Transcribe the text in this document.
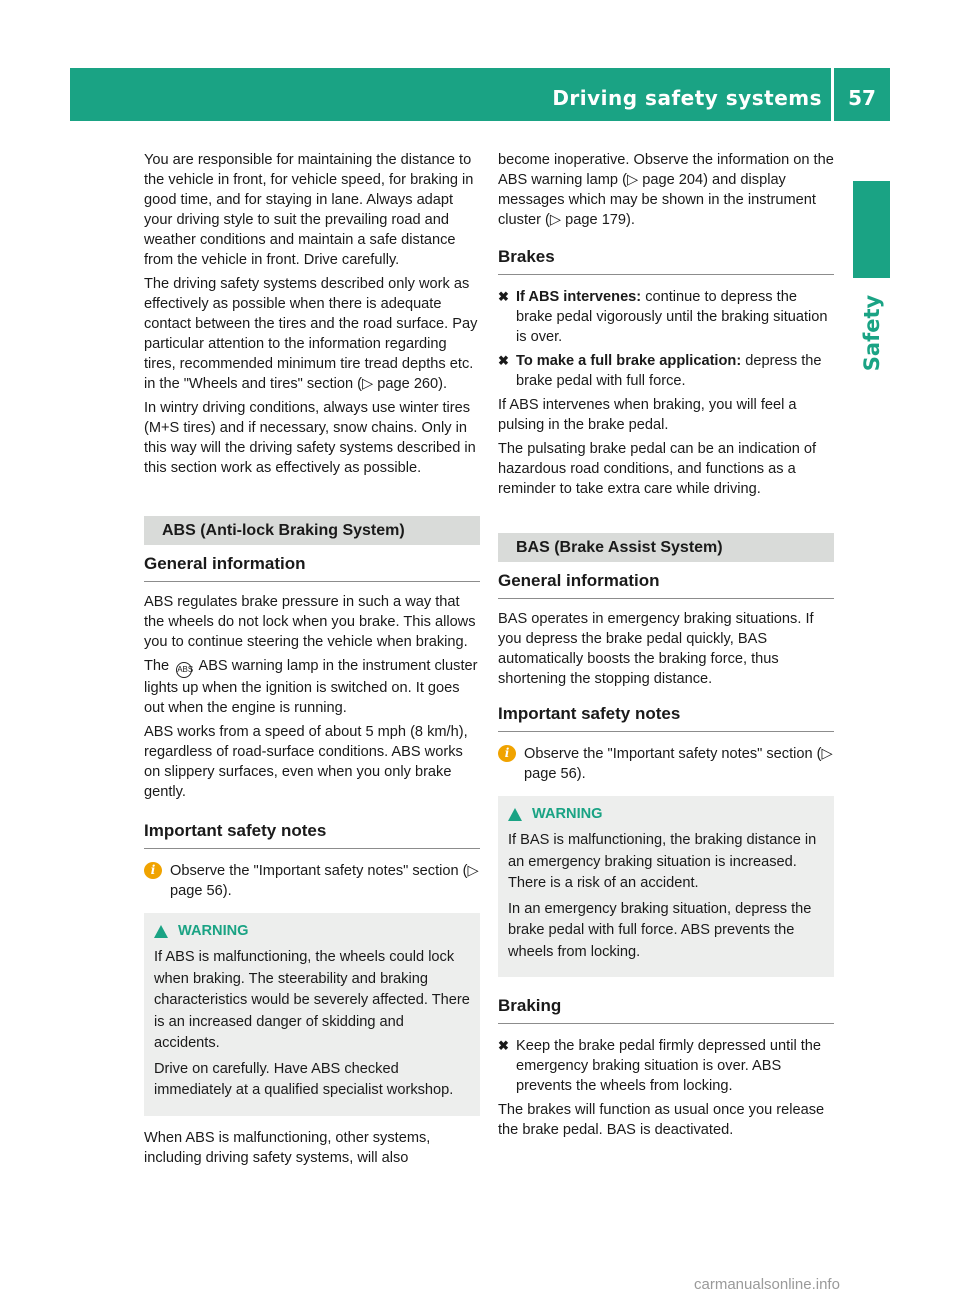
Driving safety systems	57
Safety

You are responsible for maintaining the distance to the vehicle in front, for vehicle speed, for braking in good time, and for staying in lane. Always adapt your driving style to suit the prevailing road and weather conditions and maintain a safe distance from the vehicle in front. Drive carefully.

The driving safety systems described only work as effectively as possible when there is adequate contact between the tires and the road surface. Pay particular attention to the information regarding tires, recommended minimum tire tread depths etc. in the "Wheels and tires" section (▷ page 260).

In wintry driving conditions, always use winter tires (M+S tires) and if necessary, snow chains. Only in this way will the driving safety systems described in this section work as effectively as possible.

ABS (Anti-lock Braking System)
General information

ABS regulates brake pressure in such a way that the wheels do not lock when you brake. This allows you to continue steering the vehicle when braking.

The ABS ABS warning lamp in the instrument cluster lights up when the ignition is switched on. It goes out when the engine is running.

ABS works from a speed of about 5 mph (8 km/h), regardless of road-surface conditions. ABS works on slippery surfaces, even when you only brake gently.

Important safety notes
i	Observe the "Important safety notes" section (▷ page 56).
WARNING

If ABS is malfunctioning, the wheels could lock when braking. The steerability and braking characteristics would be severely affected. There is an increased danger of skidding and accidents.

Drive on carefully. Have ABS checked immediately at a qualified specialist workshop.

When ABS is malfunctioning, other systems, including driving safety systems, will also

become inoperative. Observe the information on the ABS warning lamp (▷ page 204) and display messages which may be shown in the instrument cluster (▷ page 179).

Brakes
✖ If ABS intervenes: continue to depress the brake pedal vigorously until the braking situation is over.
✖ To make a full brake application: depress the brake pedal with full force.

If ABS intervenes when braking, you will feel a pulsing in the brake pedal.

The pulsating brake pedal can be an indication of hazardous road conditions, and functions as a reminder to take extra care while driving.

BAS (Brake Assist System)
General information

BAS operates in emergency braking situations. If you depress the brake pedal quickly, BAS automatically boosts the braking force, thus shortening the stopping distance.

Important safety notes
i	Observe the "Important safety notes" section (▷ page 56).
WARNING

If BAS is malfunctioning, the braking distance in an emergency braking situation is increased. There is a risk of an accident.

In an emergency braking situation, depress the brake pedal with full force. ABS prevents the wheels from locking.

Braking
✖ Keep the brake pedal firmly depressed until the emergency braking situation is over. ABS prevents the wheels from locking.

The brakes will function as usual once you release the brake pedal. BAS is deactivated.

carmanualsonline.info
